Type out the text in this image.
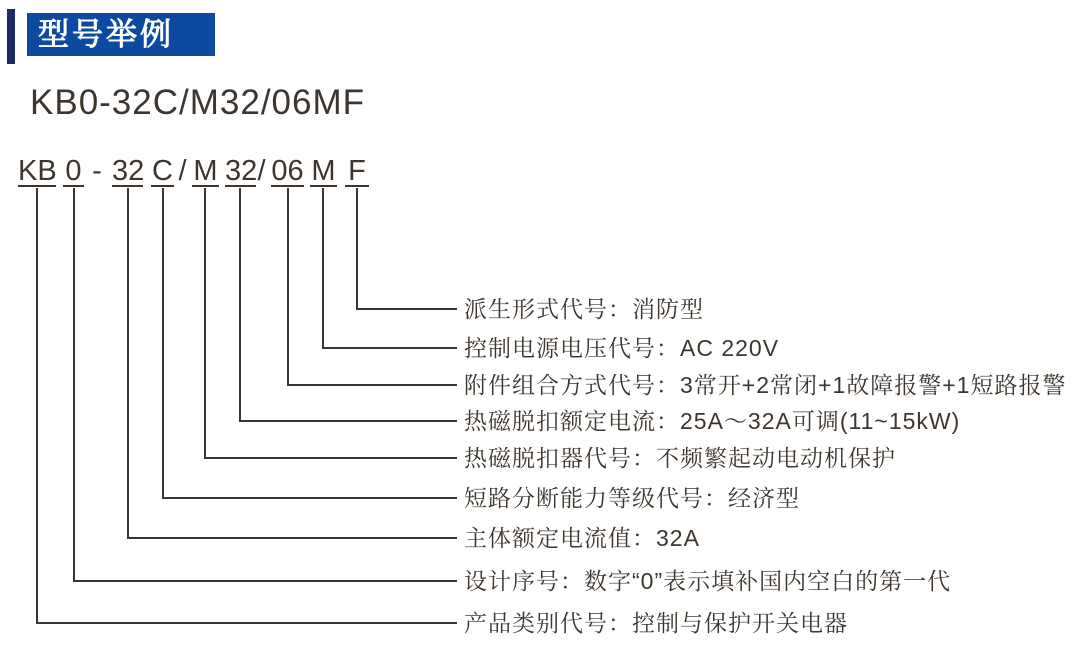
型号举例
KB0-32C/M32/06MF
KB 0 - 32 C / M 32 / 06 M F
派生形式代号：消防型
控制电源电压代号：AC 220V
附件组合方式代号：3常开+2常闭+1故障报警+1短路报警
热磁脱扣额定电流：25A～32A可调(11~15kW)
热磁脱扣器代号：不频繁起动电动机保护
短路分断能力等级代号：经济型
主体额定电流值：32A
设计序号：数字“0”表示填补国内空白的第一代
产品类别代号：控制与保护开关电器
